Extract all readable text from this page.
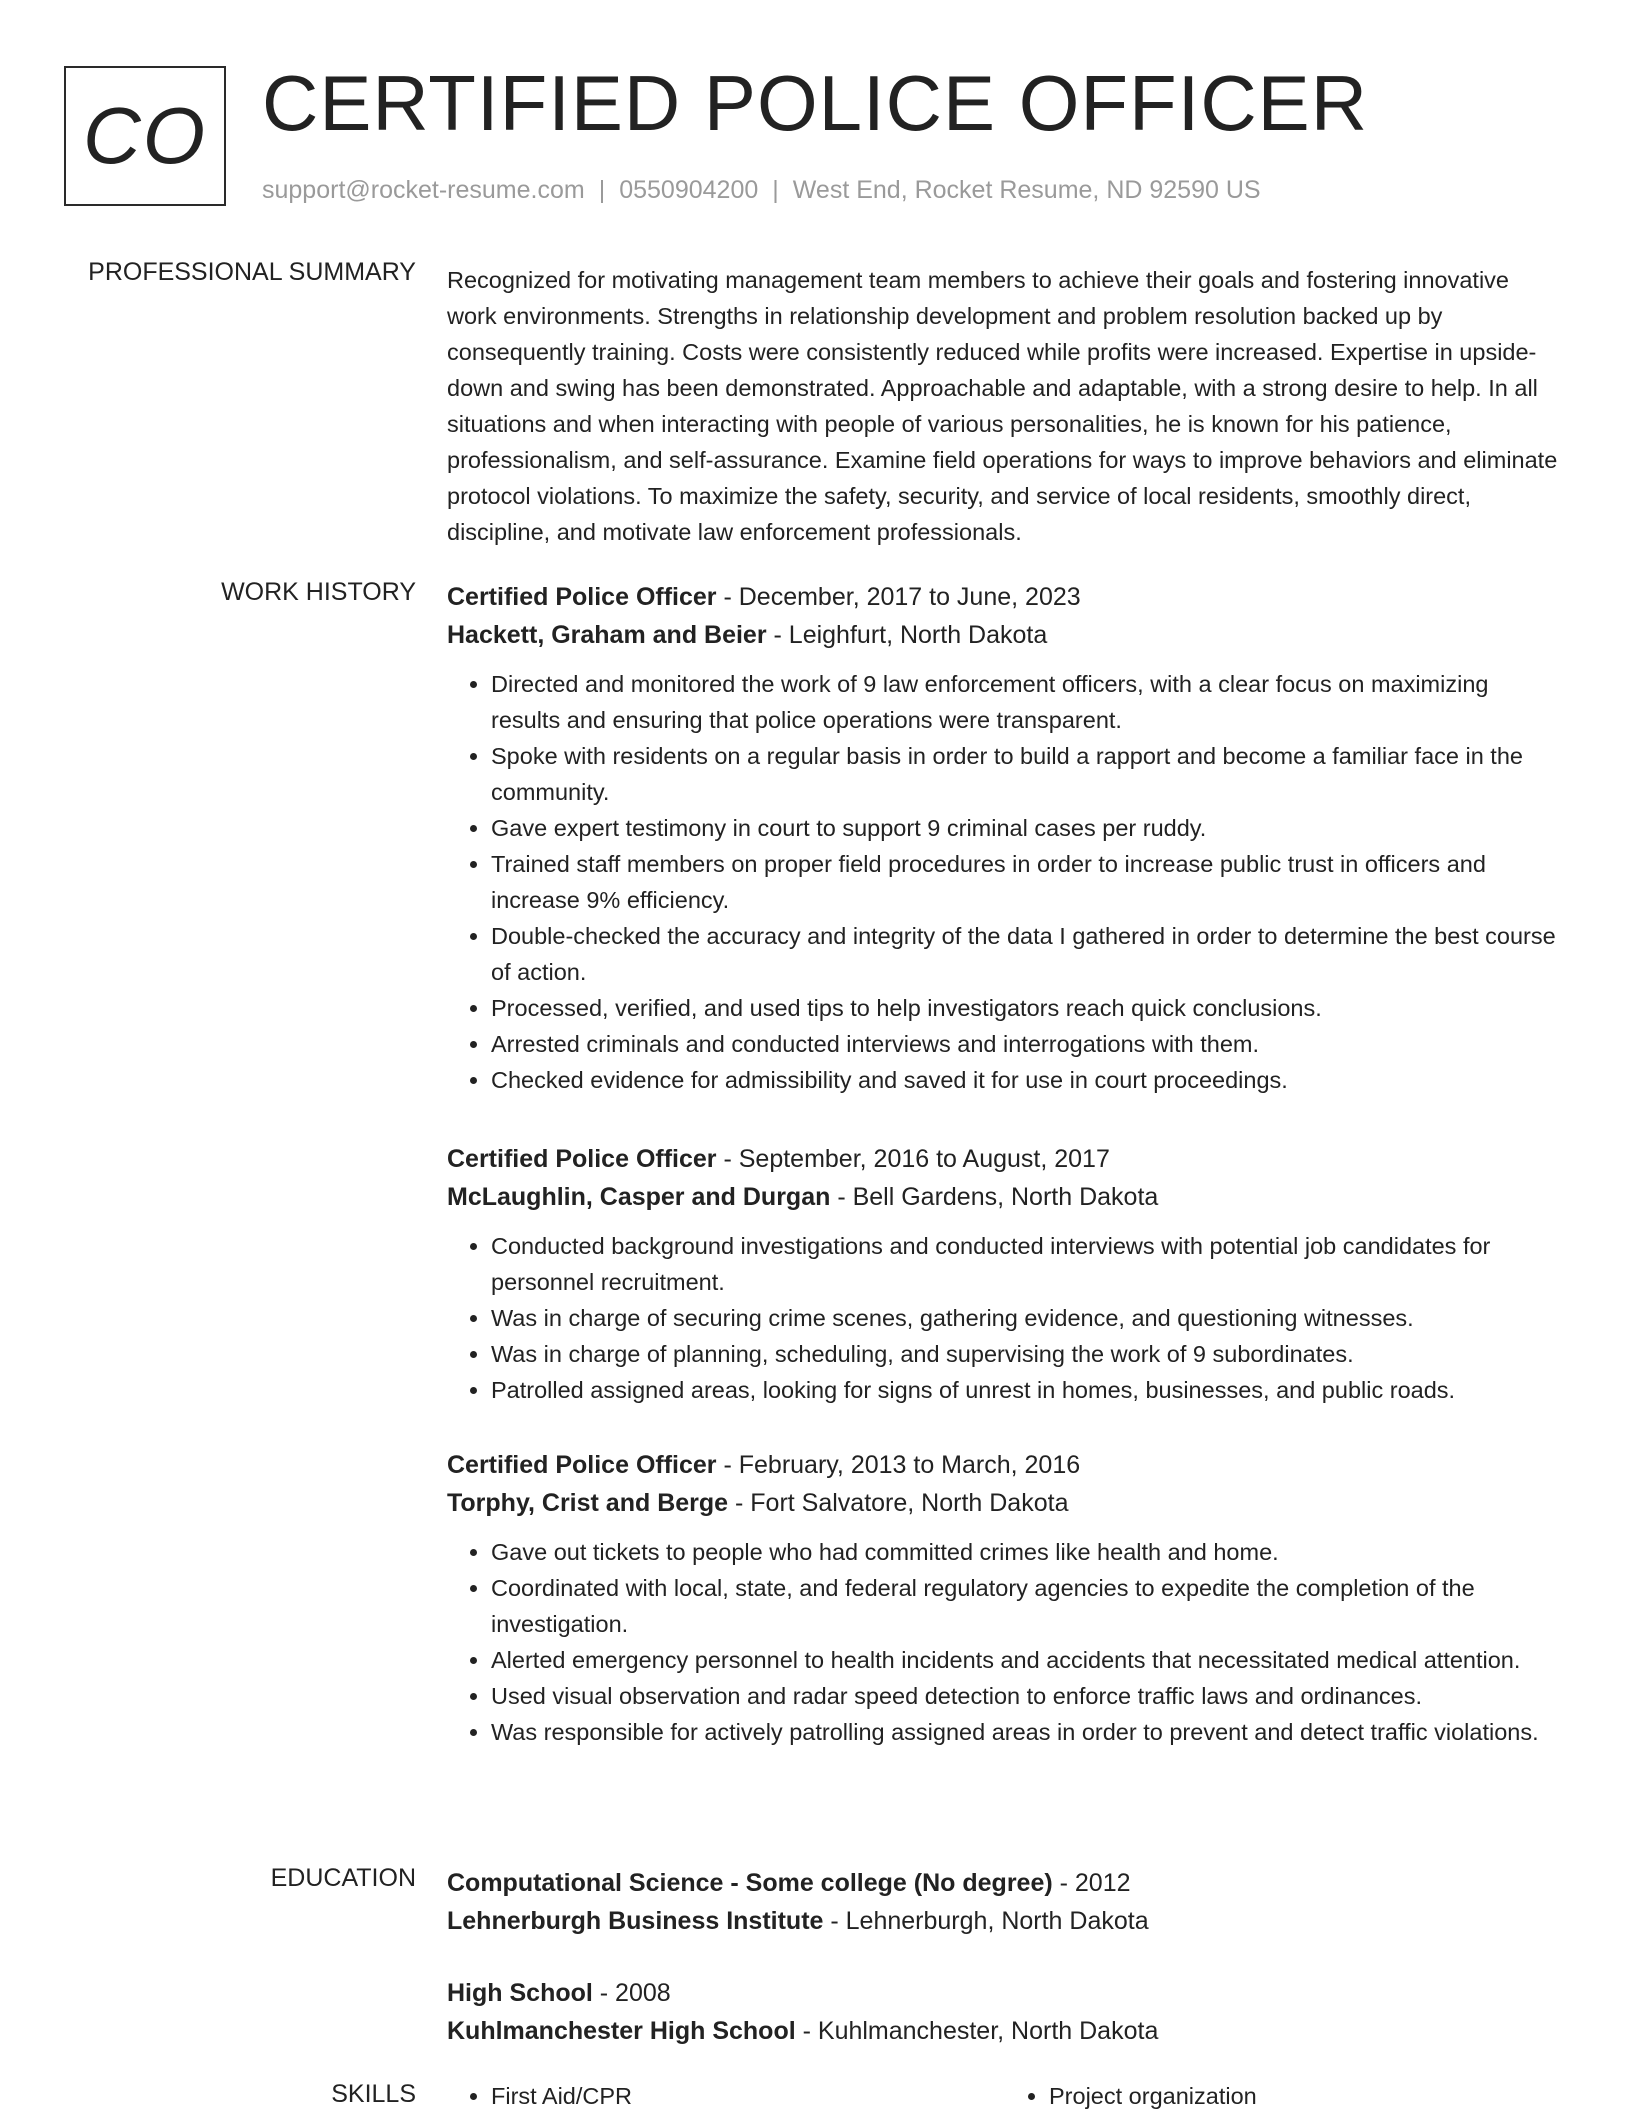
CO CERTIFIED POLICE OFFICER
support@rocket-resume.com | 0550904200 | West End, Rocket Resume, ND 92590 US
PROFESSIONAL SUMMARY Recognized for motivating management team members to achieve their goals and fostering innovative work environments. Strengths in relationship development and problem resolution backed up by consequently training. Costs were consistently reduced while profits were increased. Expertise in upside-down and swing has been demonstrated. Approachable and adaptable, with a strong desire to help. In all situations and when interacting with people of various personalities, he is known for his patience, professionalism, and self-assurance. Examine field operations for ways to improve behaviors and eliminate protocol violations. To maximize the safety, security, and service of local residents, smoothly direct, discipline, and motivate law enforcement professionals.
WORK HISTORY Certified Police Officer - December, 2017 to June, 2023
Hackett, Graham and Beier - Leighfurt, North Dakota
• Directed and monitored the work of 9 law enforcement officers, with a clear focus on maximizing results and ensuring that police operations were transparent.
• Spoke with residents on a regular basis in order to build a rapport and become a familiar face in the community.
• Gave expert testimony in court to support 9 criminal cases per ruddy.
• Trained staff members on proper field procedures in order to increase public trust in officers and increase 9% efficiency.
• Double-checked the accuracy and integrity of the data I gathered in order to determine the best course of action.
• Processed, verified, and used tips to help investigators reach quick conclusions.
• Arrested criminals and conducted interviews and interrogations with them.
• Checked evidence for admissibility and saved it for use in court proceedings.
Certified Police Officer - September, 2016 to August, 2017
McLaughlin, Casper and Durgan - Bell Gardens, North Dakota
• Conducted background investigations and conducted interviews with potential job candidates for personnel recruitment.
• Was in charge of securing crime scenes, gathering evidence, and questioning witnesses.
• Was in charge of planning, scheduling, and supervising the work of 9 subordinates.
• Patrolled assigned areas, looking for signs of unrest in homes, businesses, and public roads.
Certified Police Officer - February, 2013 to March, 2016
Torphy, Crist and Berge - Fort Salvatore, North Dakota
• Gave out tickets to people who had committed crimes like health and home.
• Coordinated with local, state, and federal regulatory agencies to expedite the completion of the investigation.
• Alerted emergency personnel to health incidents and accidents that necessitated medical attention.
• Used visual observation and radar speed detection to enforce traffic laws and ordinances.
• Was responsible for actively patrolling assigned areas in order to prevent and detect traffic violations.
EDUCATION Computational Science - Some college (No degree) - 2012
Lehnerburgh Business Institute - Lehnerburgh, North Dakota
High School - 2008
Kuhlmanchester High School - Kuhlmanchester, North Dakota
SKILLS	• First Aid/CPR	• Project organization
